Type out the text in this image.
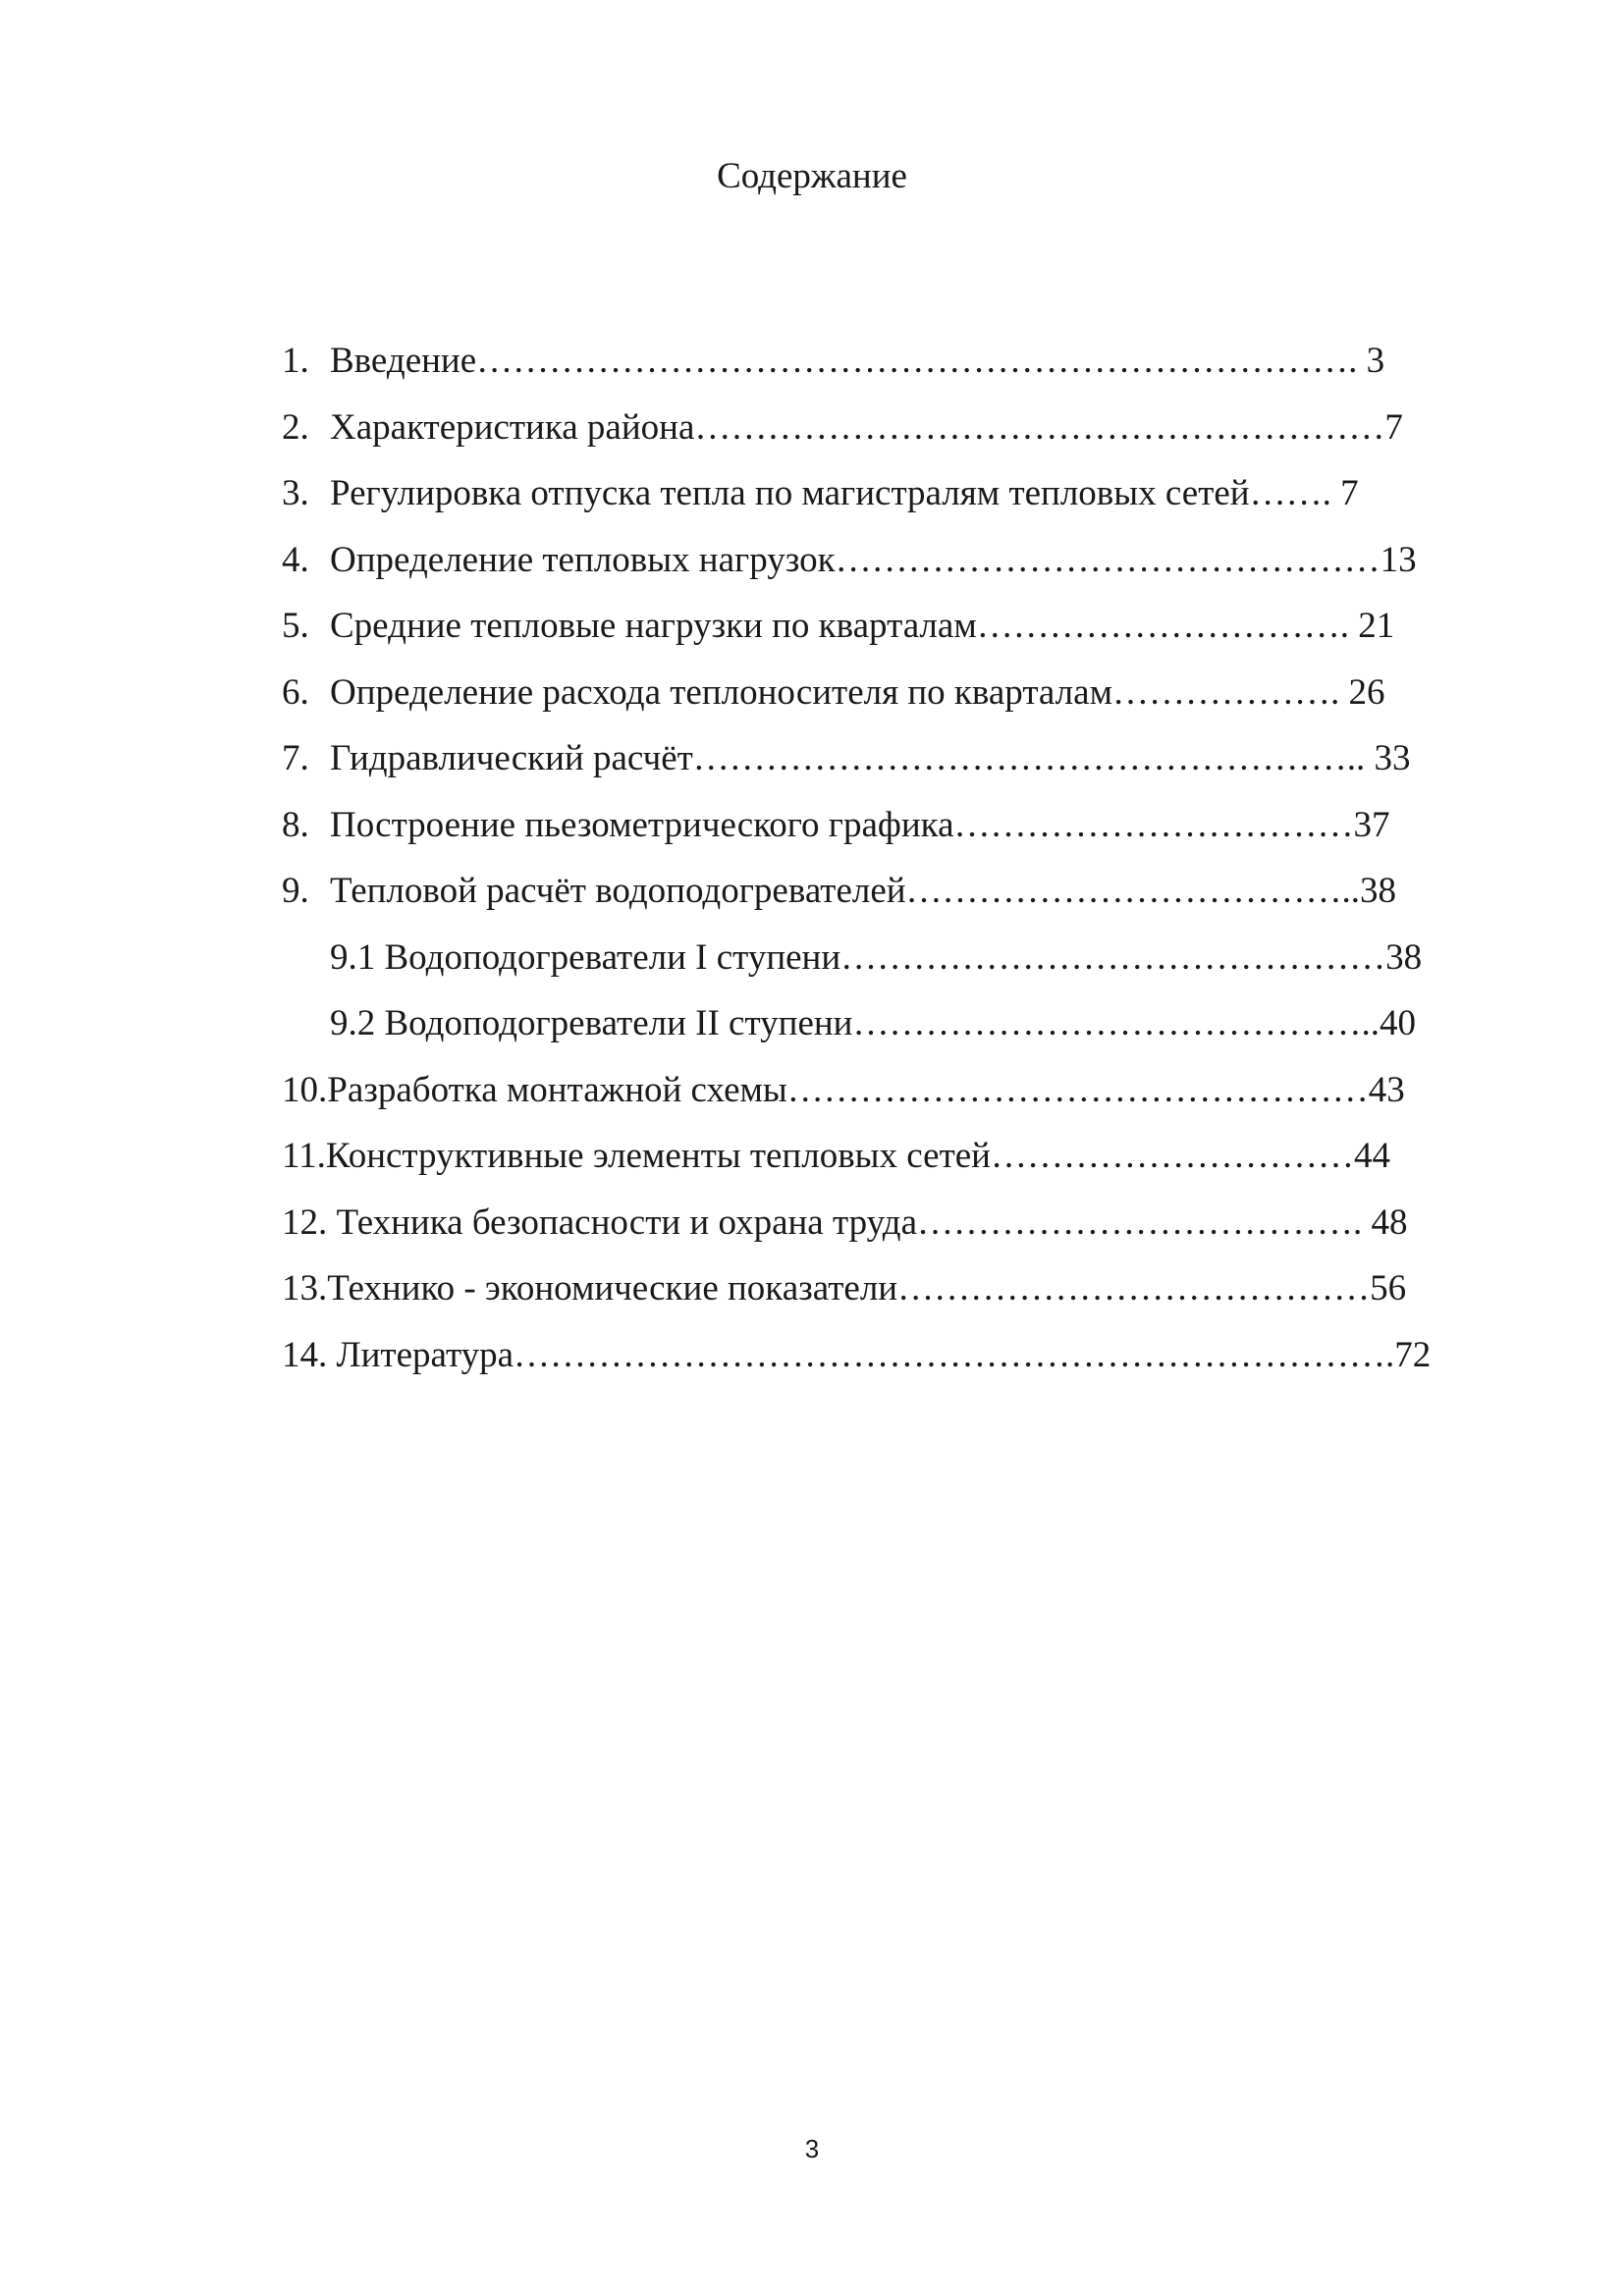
Содержание
1. Введение………………………………………………………………. 3
2. Характеристика района…………………………………………………7
3. Регулировка отпуска тепла по магистралям тепловых сетей……. 7
4. Определение тепловых нагрузок………………………………………13
5. Средние тепловые нагрузки по кварталам…………………………. 21
6. Определение расхода теплоносителя по кварталам………………. 26
7. Гидравлический расчёт……………………………………………….. 33
8. Построение пьезометрического графика……………………………37
9. Тепловой расчёт водоподогревателей………………………………..38
9.1 Водоподогреватели I ступени………………………………………38
9.2 Водоподогреватели II ступени……………………………………..40
10.Разработка монтажной схемы…………………………………………43
11.Конструктивные элементы тепловых сетей…………………………44
12. Техника безопасности и охрана труда………………………………. 48
13.Технико - экономические показатели…………………………………56
14. Литература……………………………………………………………….72
3
